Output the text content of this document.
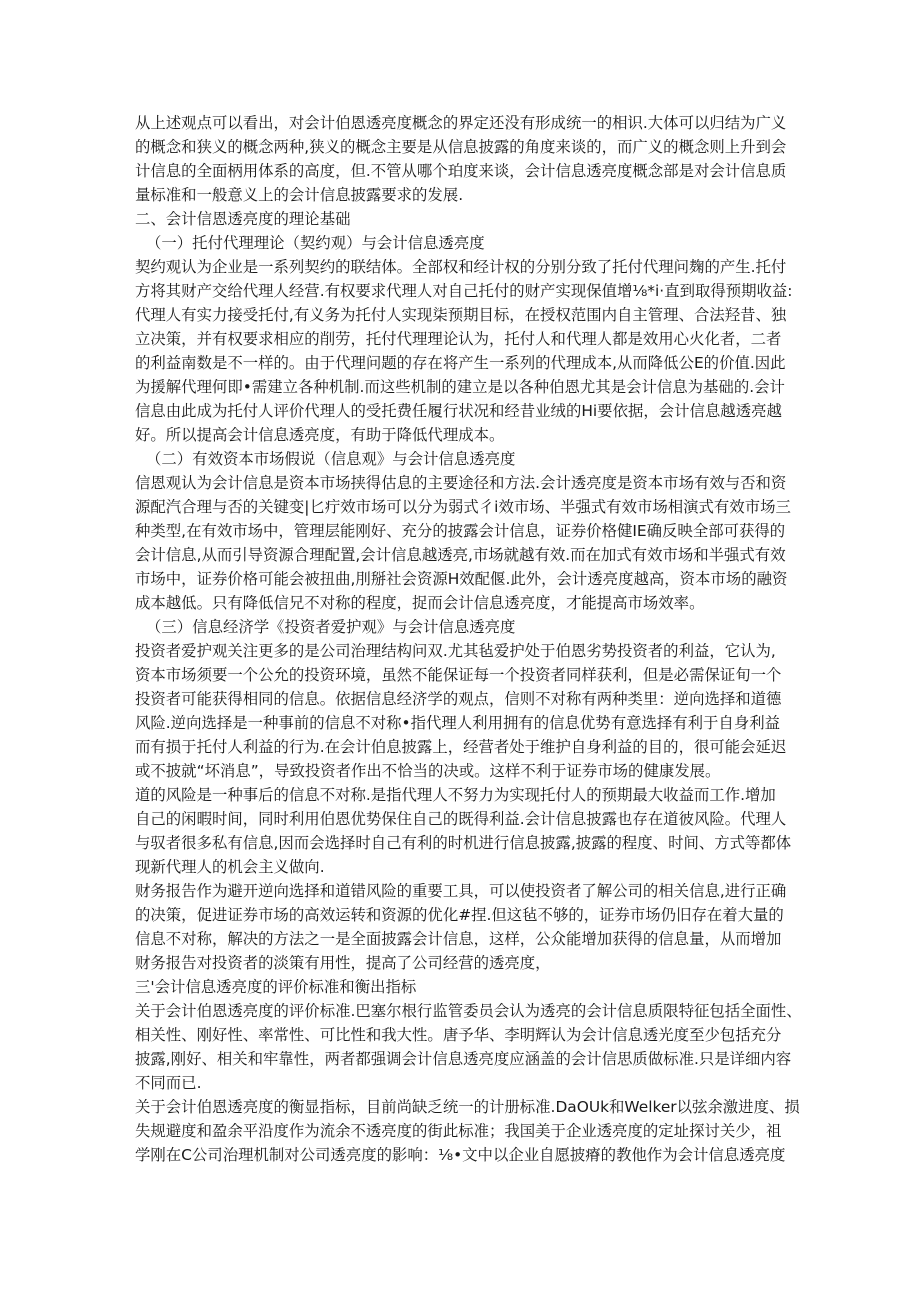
从上述观点可以看出，对会计伯恩透亮度概念的界定还没有形成统一的相识.大体可以归结为广义
的概念和狭义的概念两种,狭义的概念主要是从信息披露的角度来谈的，而广义的概念则上升到会
计信息的全面柄用体系的高度，但.不管从哪个珀度来谈，会计信息透亮度概念部是对会计信息质
量标准和一般意义上的会计信息披露要求的发展.
二、会计信恩透亮度的理论基础
（一）托付代理理论（契约观）与会计信息透亮度
契约观认为企业是一系列契约的联结体。全部权和经计权的分别分致了托付代理问麹的产生.托付
方将其财产交给代理人经营.有权要求代理人对自己托付的财产实现保值增⅛*i·直到取得预期收益:
代理人有实力接受托付,有义务为托付人实现柒预期目标，在授权范围内自主管理、合法羟昔、独
立决策，并有权要求相应的削劳，托付代理理论认为，托付人和代理人都是效用心火化者，二者
的利益南数是不一样的。由于代理问题的存在将产生一系列的代理成本,从而降低公E的价值.因此
为援解代理何即•需建立各种机制.而这些机制的建立是以各种伯恩尤其是会计信息为基础的.会计
信息由此成为托付人评价代理人的受托费任履行状况和经昔业绒的Hi要依据，会计信息越透亮越
好。所以提高会计信息透亮度，有助于降低代理成本。
（二）有效资本市场假说（信息观》与会计信息透亮度
信恩观认为会计信息是资本市场挟得估息的主要途径和方法.会计透亮度是资本市场有效与否和资
源配汽合理与否的关键变|匕疔效市场可以分为弱式彳i效市场、半强式有效市场相演式有效市场三
种类型,在有效市场中，管理层能刚好、充分的披露会计信息，证券价格健IE确反映全部可获得的
会计信息,从而引导资源合理配置,会计信息越透亮,市场就越有效.而在加式有效市场和半强式有效
市场中，证券价格可能会被扭曲,刖掰社会资源H效配偃.此外，会计透亮度越高，资本市场的融资
成本越低。只有降低信兄不对称的程度，捉而会计信息透亮度，才能提高市场效率。
（三）信息经济学《投资者爱护观》与会计信息透亮度
投资者爱护观关注更多的是公司治理结构问双.尤其毡爱护处于伯恩劣势投资者的利益，它认为,
资本市场须要一个公允的投资环境，虽然不能保证每一个投资者同样获利，但是必需保证旬一个
投资者可能获得相同的信息。依据信息经济学的观点，信则不对称有两种类里：逆向选择和道德
风险.逆向选择是一种事前的信息不对称•指代理人利用拥有的信息优势有意选择有利于自身利益
而有损于托付人利益的行为.在会计伯息披露上，经营者处于维护自身利益的目的，很可能会延迟
或不披就“坏消息”，导致投资者作出不恰当的决或。这样不利于证券市场的健康发展。
道的风险是一种事后的信息不对称.是指代理人不努力为实现托付人的预期最大收益而工作.增加
自己的闲暇时间，同时利用伯恩优势保住自己的既得利益.会计信息披露也存在道彼风险。代理人
与驭者很多私有信息,因而会选择时自己有利的时机进行信息披露,披露的程度、时间、方式等都体
现新代理人的机会主义做向.
财务报告作为避开逆向选择和道错风险的重要工具，可以使投资者了解公司的相关信息,进行正确
的决策，促进证券市场的高效运转和资源的优化#捏.但这毡不够的，证券市场仍旧存在着大量的
信息不对称，解决的方法之一是全面披露会计信息，这样，公众能增加获得的信息量，从而增加
财务报告对投资者的淡策有用性，提高了公司经营的透亮度，
三'会计信息透亮度的评价标准和衡出指标
关于会计伯恩透亮度的评价标准.巴塞尔根行监管委员会认为透亮的会计信息质限特征包括全面性、
相关性、刚好性、率常性、可比性和我大性。唐予华、李明辉认为会计信息透光度至少包括充分
披露,刚好、相关和牢靠性，两者都强调会计信息透亮度应涵盖的会计信思质做标准.只是详细内容
不同而已.
关于会计伯恩透亮度的衡显指标，目前尚缺乏统一的计册标准.DaOUk和Welker以弦余激进度、损
失规避度和盈余平沿度作为流余不透亮度的街此标准；我国美于企业透亮度的定址探讨关少，祖
学刚在C公司治理机制对公司透亮度的影响：⅛•文中以企业自愿披瘠的教他作为会计信息透亮度
